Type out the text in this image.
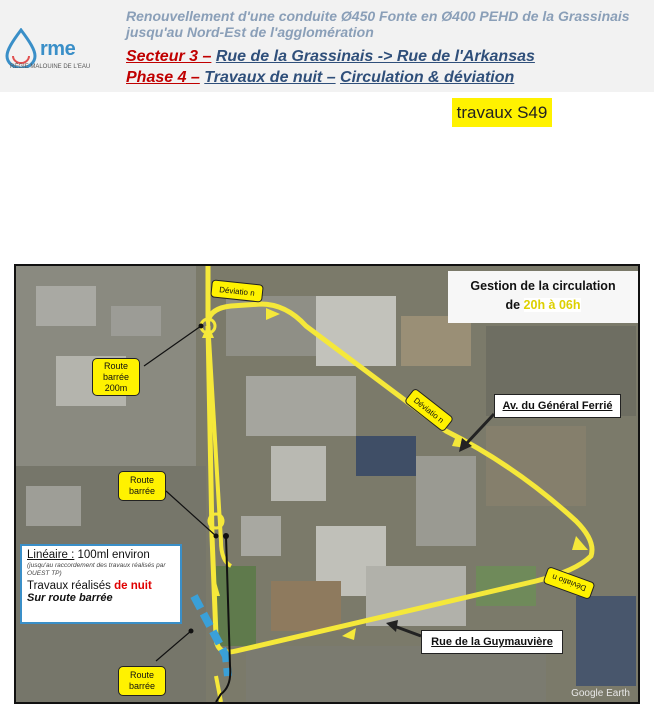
rme
RÉGIE MALOUINE DE L'EAU
Renouvellement d'une conduite Ø450 Fonte en Ø400 PEHD de la Grassinais jusqu'au Nord-Est de l'agglomération
Secteur 3 – Rue de la Grassinais -> Rue de l'Arkansas
Phase 4 – Travaux de nuit – Circulation & déviation
travaux S49
Gestion de la circulation
de 20h à 06h
Déviatio n
Déviatio n
Déviatio n
Route barrée 200m
Route barrée
Route barrée
Av. du Général Ferrié
Rue de la Guymauvière
Linéaire : 100ml environ
(jusqu'au raccordement des travaux réalisés par OUEST TP)
Travaux réalisés de nuit
Sur route barrée
Google Earth
